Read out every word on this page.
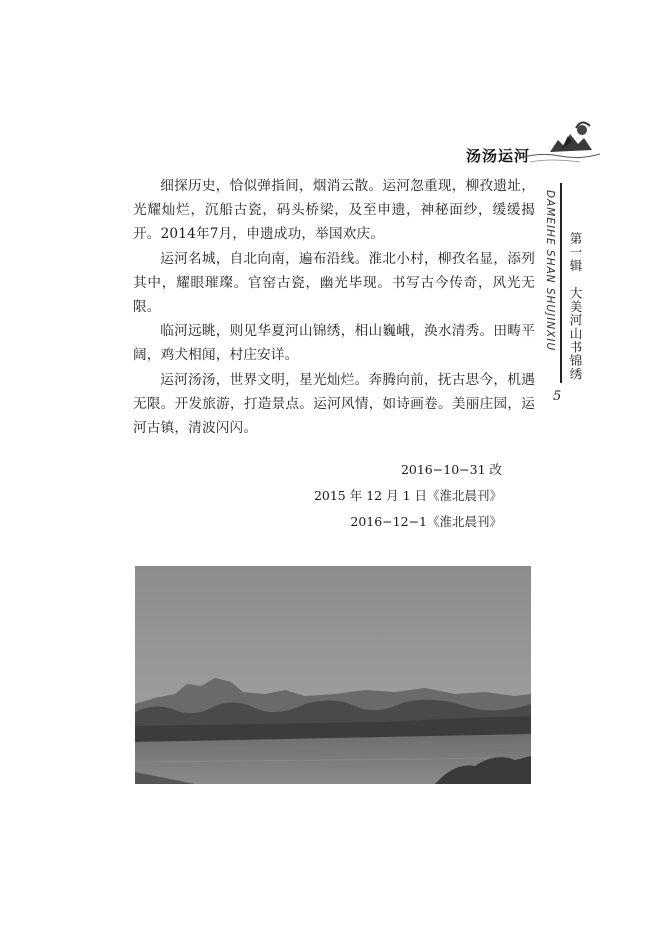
汤汤运河

细探历史，恰似弹指间，烟消云散。运河忽重现，柳孜遗址，光耀灿烂，沉船古瓷，码头桥梁，及至申遗，神秘面纱，缓缓揭开。2014年7月，申遗成功，举国欢庆。

运河名城，自北向南，遍布沿线。淮北小村，柳孜名显，添列其中，耀眼璀璨。官窑古瓷，幽光毕现。书写古今传奇，风光无限。

临河远眺，则见华夏河山锦绣，相山巍峨，涣水清秀。田畴平阔，鸡犬相闻，村庄安详。

运河汤汤，世界文明，星光灿烂。奔腾向前，抚古思今，机遇无限。开发旅游，打造景点。运河风情，如诗画卷。美丽庄园，运河古镇，清波闪闪。

2016−10−31 改
2015 年 12 月 1 日《淮北晨刊》
2016−12−1《淮北晨刊》
DAMEIHE SHAN SHUJINXIU 第一辑大美河山书锦绣
5
